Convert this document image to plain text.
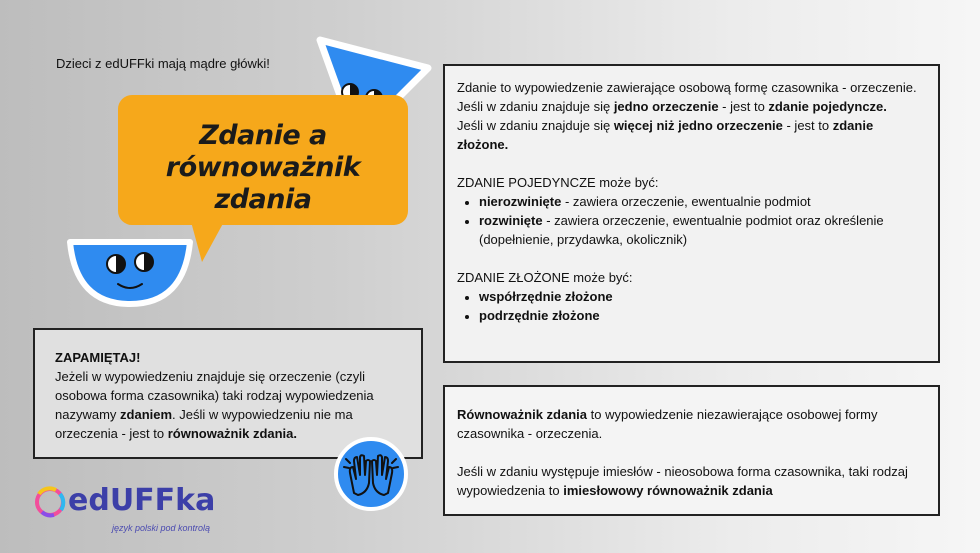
Dzieci z edUFFki mają mądre główki!
Zdanie a
równoważnik zdania

Zdanie to wypowiedzenie zawierające osobową formę czasownika - orzeczenie.

Jeśli w zdaniu znajduje się jedno orzeczenie - jest to zdanie pojedyncze.

Jeśli w zdaniu znajduje się więcej niż jedno orzeczenie - jest to zdanie złożone.

ZDANIE POJEDYNCZE może być:

• nierozwinięte - zawiera orzeczenie, ewentualnie podmiot
• rozwinięte - zawiera orzeczenie, ewentualnie podmiot oraz określenie (dopełnienie, przydawka, okolicznik)

ZDANIE ZŁOŻONE może być:

• współrzędnie złożone
• podrzędnie złożone

ZAPAMIĘTAJ!

Jeżeli w wypowiedzeniu znajduje się orzeczenie (czyli osobowa forma czasownika) taki rodzaj wypowiedzenia nazywamy zdaniem. Jeśli w wypowiedzeniu nie ma orzeczenia - jest to równoważnik zdania.

Równoważnik zdania to wypowiedzenie niezawierające osobowej formy czasownika - orzeczenia.

Jeśli w zdaniu występuje imiesłów - nieosobowa forma czasownika, taki rodzaj wypowiedzenia to imiesłowowy równoważnik zdania

edUFFka
język polski pod kontrolą
